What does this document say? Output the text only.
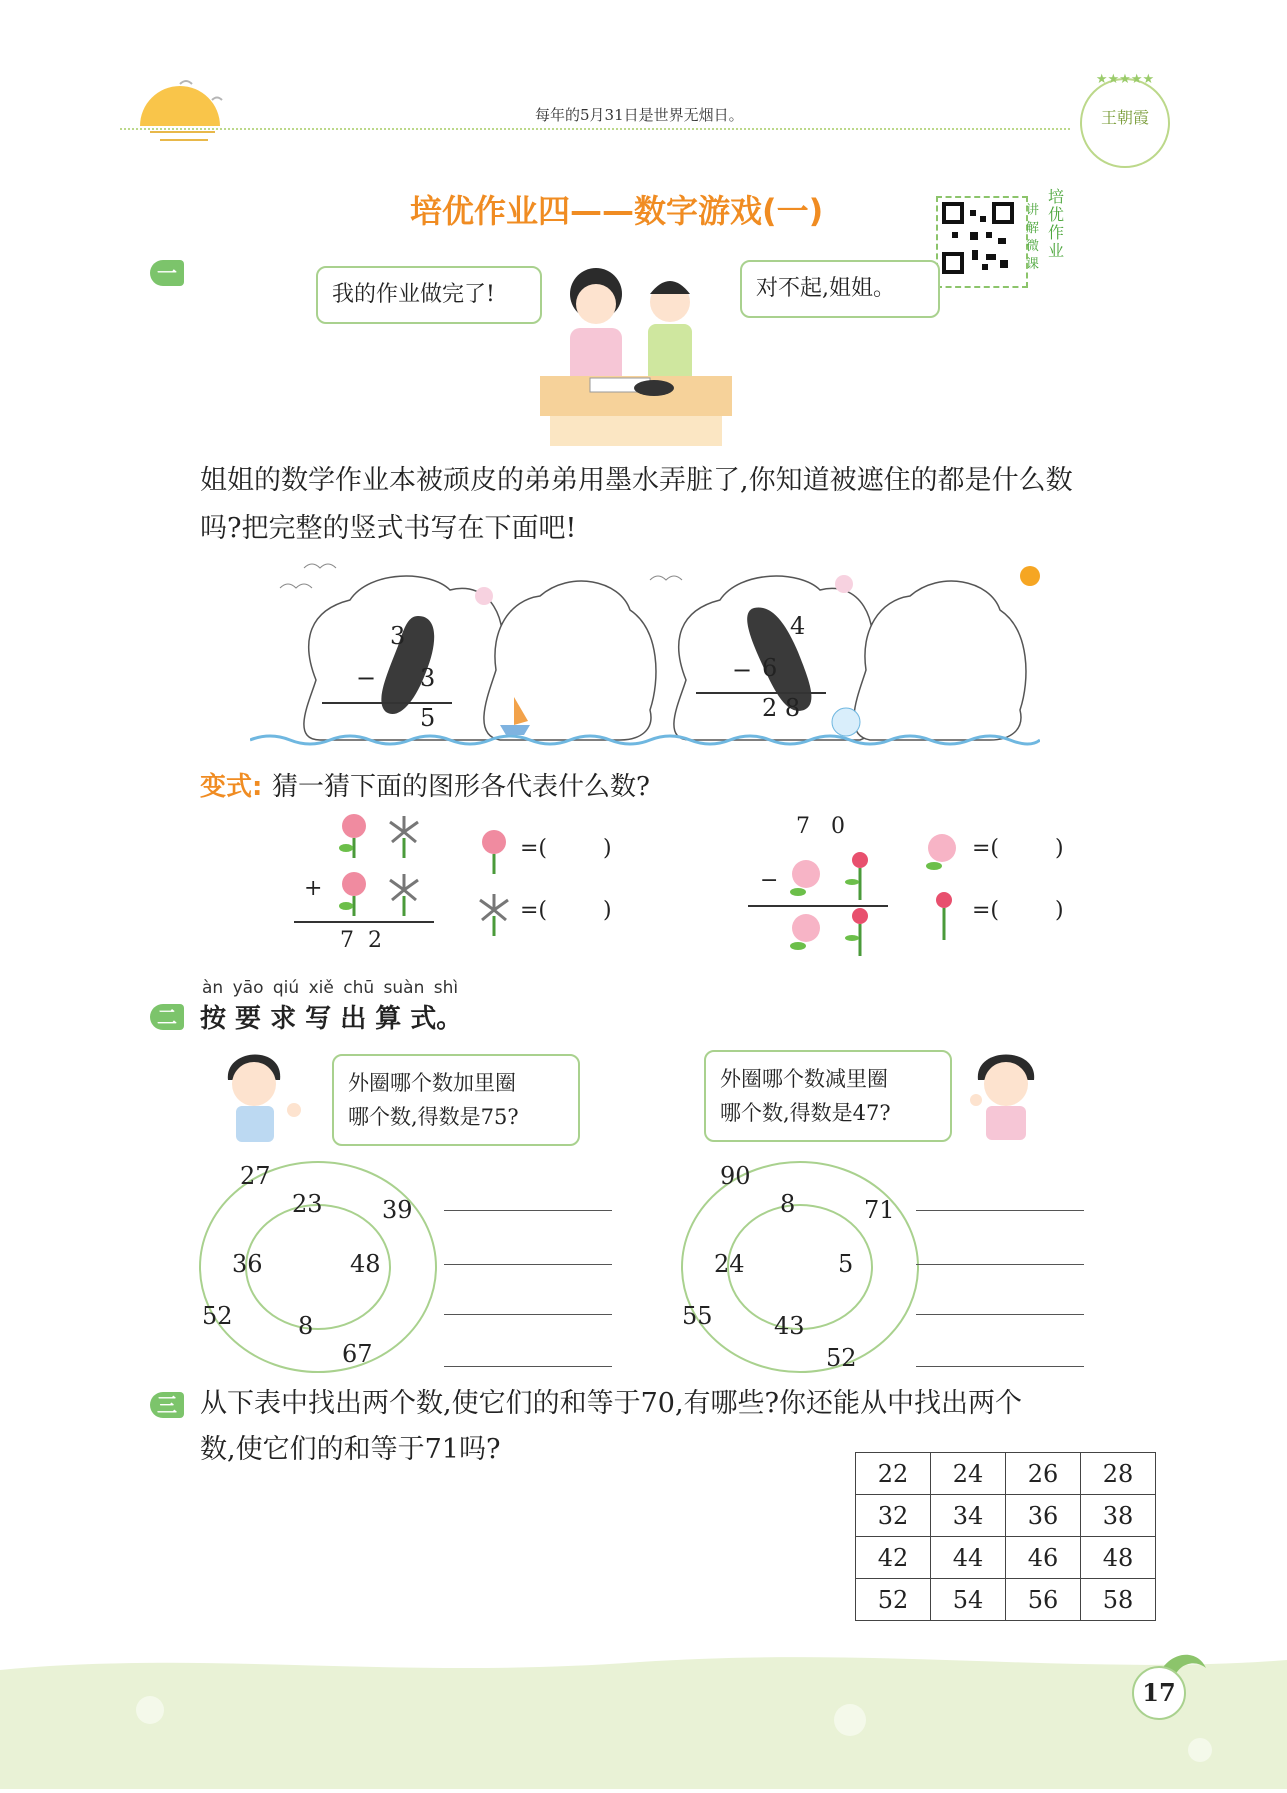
每年的5月31日是世界无烟日。
★★★★★
王朝霞
培优作业四——数字游戏(一)	培
优
作
业
讲
解
微
课
一
我的作业做完了!	对不起,姐姐。
姐姐的数学作业本被顽皮的弟弟用墨水弄脏了,你知道被遮住的都是什么数
吗?把完整的竖式书写在下面吧!
3
− 3
5
4
− 6
2 8
变式: 猜一猜下面的图形各代表什么数?
+
7  2
=(        )
=(        )
7   0
−
=(        )
=(        )
àn yāo qiú xiě chū suàn shì
二 按 要 求 写 出 算 式。
外圈哪个数加里圈
哪个数,得数是75?
外圈哪个数减里圈
哪个数,得数是47?
27
39
52
67
23
36	48
8
90
71
55
52
8
24	5
43
三 从下表中找出两个数,使它们的和等于70,有哪些?你还能从中找出两个
数,使它们的和等于71吗?
22	24	26	28
32	34	36	38
42	44	46	48
52	54	56	58
17
